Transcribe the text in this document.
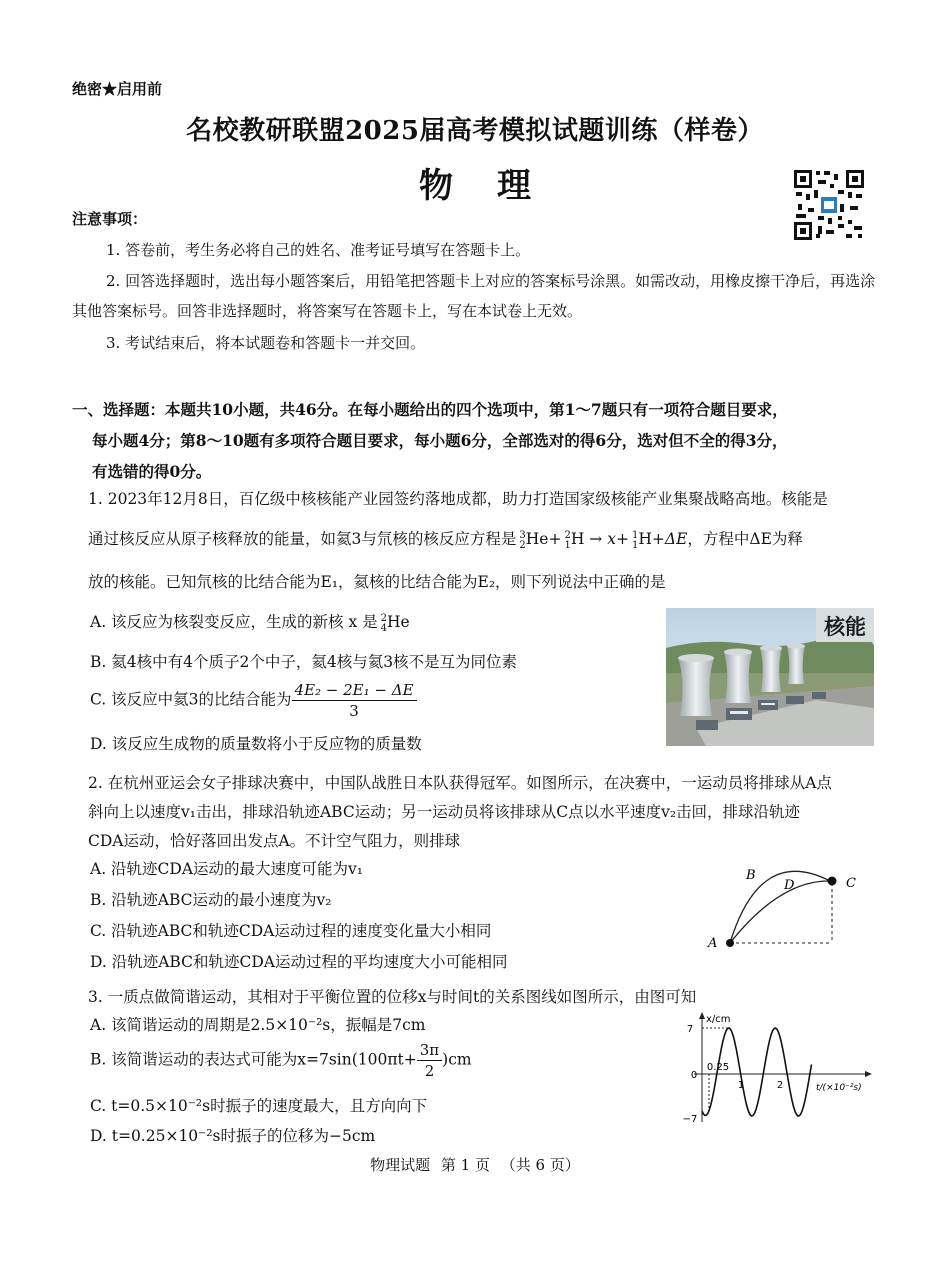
绝密★启用前
名校教研联盟2025届高考模拟试题训练（样卷）
物 理
注意事项：
1. 答卷前，考生务必将自己的姓名、准考证号填写在答题卡上。
2. 回答选择题时，选出每小题答案后，用铅笔把答题卡上对应的答案标号涂黑。如需改动，用橡皮擦干净后，再选涂其他答案标号。回答非选择题时，将答案写在答题卡上，写在本试卷上无效。
3. 考试结束后，将本试题卷和答题卡一并交回。
一、选择题：本题共10小题，共46分。在每小题给出的四个选项中，第1～7题只有一项符合题目要求，
每小题4分；第8～10题有多项符合题目要求，每小题6分，全部选对的得6分，选对但不全的得3分，
有选错的得0分。
1. 2023年12月8日，百亿级中核核能产业园签约落地成都，助力打造国家级核能产业集聚战略高地。核能是
通过核反应从原子核释放的能量，如氦3与氘核的核反应方程是 3
2 He+ 2
1 H → x+ 1
1 H+ΔE，方程中ΔE为释
放的核能。已知氘核的比结合能为E₁，氦核的比结合能为E₂，则下列说法中正确的是
A. 该反应为核裂变反应，生成的新核 x 是 2
4 He
B. 氦4核中有4个质子2个中子，氦4核与氦3核不是互为同位素
C. 该反应中氦3的比结合能为 $\frac{\text{4E₂ − 2E₁ − ΔE}}{3}$
D. 该反应生成物的质量数将小于反应物的质量数
核能
2. 在杭州亚运会女子排球决赛中，中国队战胜日本队获得冠军。如图所示，在决赛中，一运动员将排球从A点
斜向上以速度v₁击出，排球沿轨迹ABC运动；另一运动员将该排球从C点以水平速度v₂击回，排球沿轨迹
CDA运动，恰好落回出发点A。不计空气阻力，则排球
A. 沿轨迹CDA运动的最大速度可能为v₁
B. 沿轨迹ABC运动的最小速度为v₂
C. 沿轨迹ABC和轨迹CDA运动过程的速度变化量大小相同
D. 沿轨迹ABC和轨迹CDA运动过程的平均速度大小可能相同
A
B
D	C
3. 一质点做简谐运动，其相对于平衡位置的位移x与时间t的关系图线如图所示，由图可知
A. 该简谐运动的周期是2.5×10⁻²s，振幅是7cm
B. 该简谐运动的表达式可能为$x=7\sin(100\pi t+ \frac{3\pi}{2} )cm$
C. t=0.5×10⁻²s时振子的速度最大，且方向向下
D. t=0.25×10⁻²s时振子的位移为−5cm
x/cm
7
0
−7
0.25
1	2	t/(×10⁻²s)
物理试题 第 1 页 （共 6 页）
